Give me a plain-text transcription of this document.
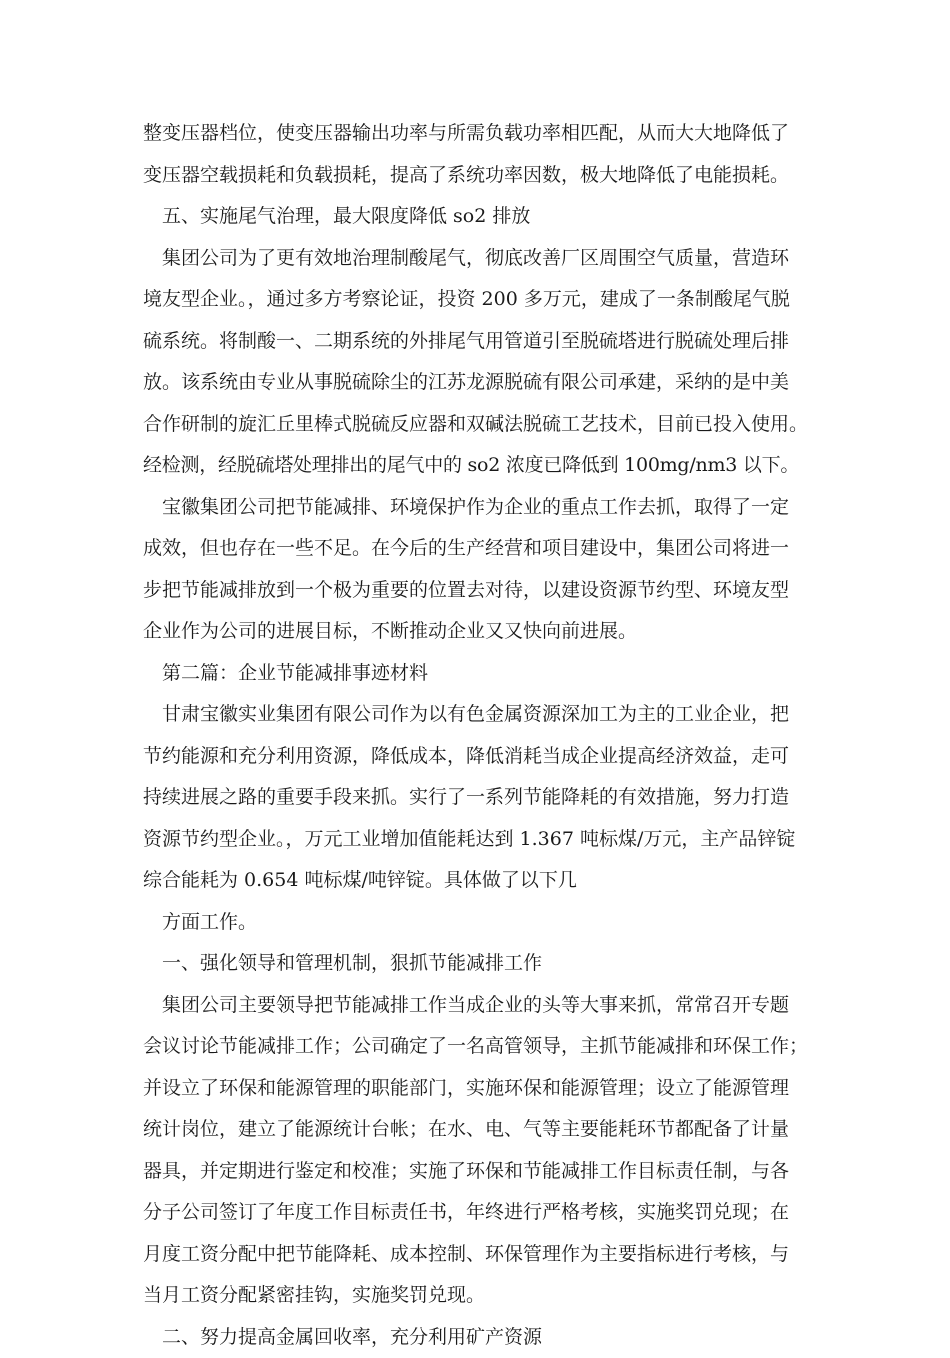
整变压器档位，使变压器输出功率与所需负载功率相匹配，从而大大地降低了
变压器空载损耗和负载损耗，提高了系统功率因数，极大地降低了电能损耗。
五、实施尾气治理，最大限度降低 so2 排放
集团公司为了更有效地治理制酸尾气，彻底改善厂区周围空气质量，营造环
境友型企业。，通过多方考察论证，投资 200 多万元，建成了一条制酸尾气脱
硫系统。将制酸一、二期系统的外排尾气用管道引至脱硫塔进行脱硫处理后排
放。该系统由专业从事脱硫除尘的江苏龙源脱硫有限公司承建，采纳的是中美
合作研制的旋汇丘里棒式脱硫反应器和双碱法脱硫工艺技术，目前已投入使用。
经检测，经脱硫塔处理排出的尾气中的 so2 浓度已降低到 100mg/nm3 以下。
宝徽集团公司把节能减排、环境保护作为企业的重点工作去抓，取得了一定
成效，但也存在一些不足。在今后的生产经营和项目建设中，集团公司将进一
步把节能减排放到一个极为重要的位置去对待，以建设资源节约型、环境友型
企业作为公司的进展目标，不断推动企业又又快向前进展。
第二篇：企业节能减排事迹材料
甘肃宝徽实业集团有限公司作为以有色金属资源深加工为主的工业企业，把
节约能源和充分利用资源，降低成本，降低消耗当成企业提高经济效益，走可
持续进展之路的重要手段来抓。实行了一系列节能降耗的有效措施，努力打造
资源节约型企业。，万元工业增加值能耗达到 1.367 吨标煤/万元，主产品锌锭
综合能耗为 0.654 吨标煤/吨锌锭。具体做了以下几
方面工作。
一、强化领导和管理机制，狠抓节能减排工作
集团公司主要领导把节能减排工作当成企业的头等大事来抓，常常召开专题
会议讨论节能减排工作；公司确定了一名高管领导，主抓节能减排和环保工作；
并设立了环保和能源管理的职能部门，实施环保和能源管理；设立了能源管理
统计岗位，建立了能源统计台帐；在水、电、气等主要能耗环节都配备了计量
器具，并定期进行鉴定和校准；实施了环保和节能减排工作目标责任制，与各
分子公司签订了年度工作目标责任书，年终进行严格考核，实施奖罚兑现；在
月度工资分配中把节能降耗、成本控制、环保管理作为主要指标进行考核，与
当月工资分配紧密挂钩，实施奖罚兑现。
二、努力提高金属回收率，充分利用矿产资源
